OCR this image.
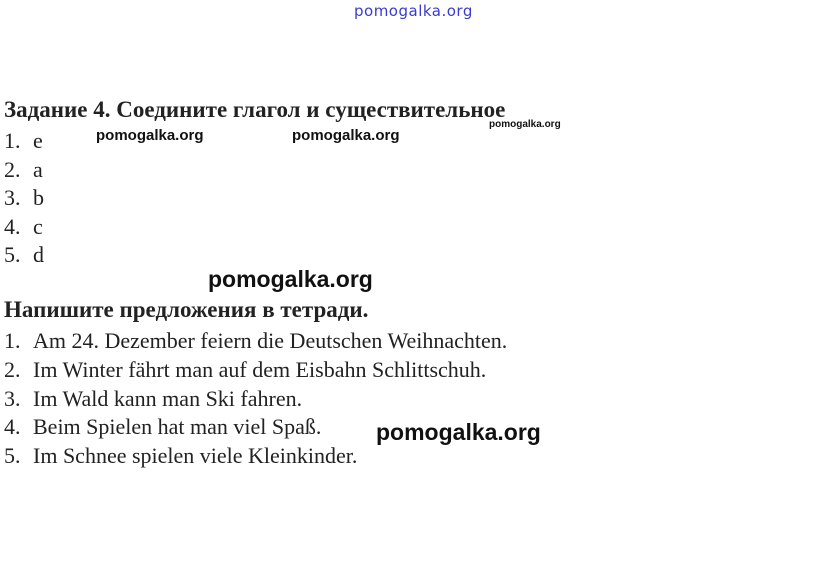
pomogalka.org
Задание 4. Соедините глагол и существительное
1. e
2. a
3. b
4. c
5. d
Напишите предложения в тетради.
1. Am 24. Dezember feiern die Deutschen Weihnachten.
2. Im Winter fährt man auf dem Eisbahn Schlittschuh.
3. Im Wald kann man Ski fahren.
4. Beim Spielen hat man viel Spaß.
5. Im Schnee spielen viele Kleinkinder.
pomogalka.org	pomogalka.org
pomogalka.org
pomogalka.org
pomogalka.org
